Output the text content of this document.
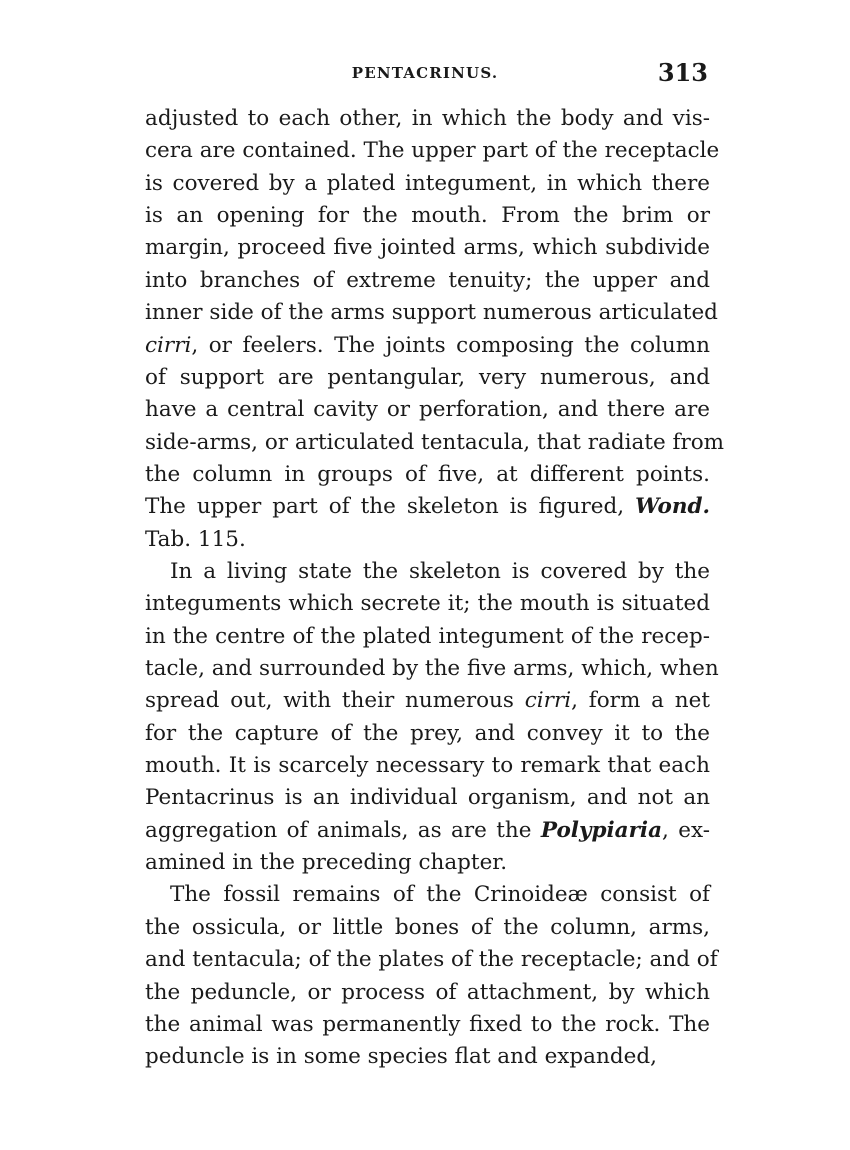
PENTACRINUS.	313
adjusted to each other, in which the body and vis-
cera are contained. The upper part of the receptacle
is covered by a plated integument, in which there
is an opening for the mouth. From the brim or
margin, proceed five jointed arms, which subdivide
into branches of extreme tenuity; the upper and
inner side of the arms support numerous articulated
cirri, or feelers. The joints composing the column
of support are pentangular, very numerous, and
have a central cavity or perforation, and there are
side-arms, or articulated tentacula, that radiate from
the column in groups of five, at different points.
The upper part of the skeleton is figured, Wond.
Tab. 115.
In a living state the skeleton is covered by the
integuments which secrete it; the mouth is situated
in the centre of the plated integument of the recep-
tacle, and surrounded by the five arms, which, when
spread out, with their numerous cirri, form a net
for the capture of the prey, and convey it to the
mouth. It is scarcely necessary to remark that each
Pentacrinus is an individual organism, and not an
aggregation of animals, as are the Polypiaria, ex-
amined in the preceding chapter.
The fossil remains of the Crinoideæ consist of
the ossicula, or little bones of the column, arms,
and tentacula; of the plates of the receptacle; and of
the peduncle, or process of attachment, by which
the animal was permanently fixed to the rock. The
peduncle is in some species flat and expanded,
